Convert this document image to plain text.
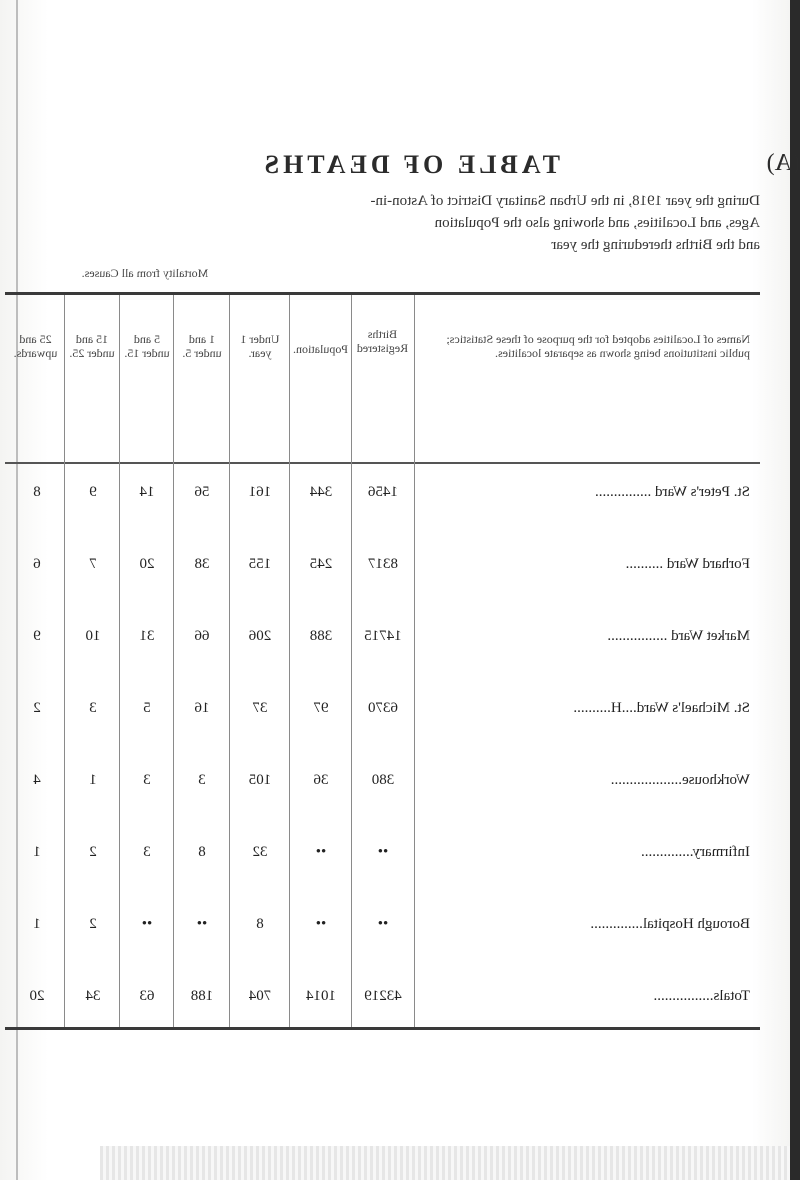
(A)
TABLE OF DEATHS
During the year 1918, in the Urban Sanitary District of Aston-in-
Ages, and Localities, and showing also the Population
and the Births thereduring the year
Names of Localities adopted for the purpose of these Statistics; public institutions being shown as separate localities.
Births Registered
Population.
Mortality from all Causes.
Under 1 year.
1 and under 5.
5 and under 15.
15 and under 25.
25 and upwards.
St. Peter's Ward ...............
1456
344
161
56
14
9
8
Forhard Ward ..........
8317
245
155
38
20
7
6
Market Ward ................
14715
388
206
66
31
10
9
St. Michael's Ward....H..........
6370
97
37
16
5
3
2
Workhouse...................
380
36
105
3
3
1
4
Infirmary..............
••
••
32
8
3
2
1
Borough Hospital..............
••
••
8
••
••
2
1
Totals................
43219
1014
704
188
63
34
20
